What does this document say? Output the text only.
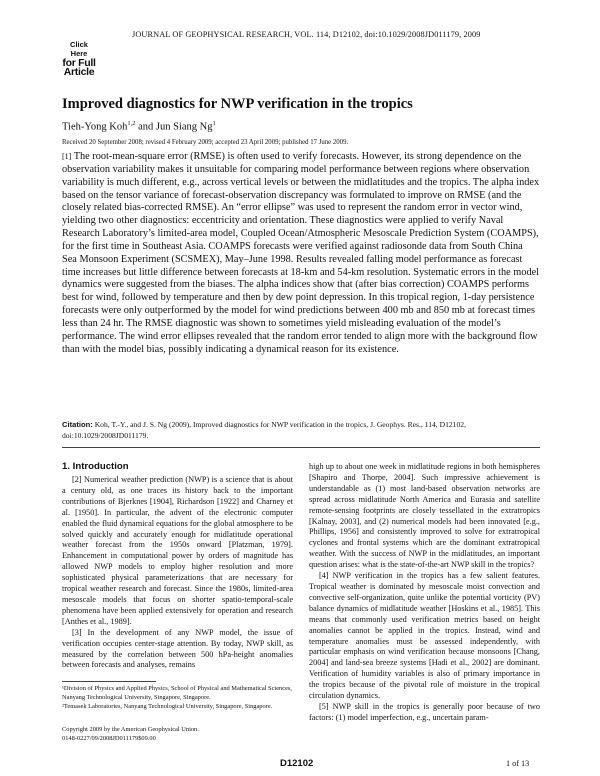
Click Here
for Full Article
JOURNAL OF GEOPHYSICAL RESEARCH, VOL. 114, D12102, doi:10.1029/2008JD011179, 2009
Improved diagnostics for NWP verification in the tropics
Tieh-Yong Koh$^{1,2}$ and Jun Siang Ng$^1$
Received 20 September 2008; revised 4 February 2009; accepted 23 April 2009; published 17 June 2009.
[1] The root-mean-square error (RMSE) is often used to verify forecasts. However, its strong dependence on the observation variability makes it unsuitable for comparing model performance between regions where observation variability is much different, e.g., across vertical levels or between the midlatitudes and the tropics. The alpha index based on the tensor variance of forecast-observation discrepancy was formulated to improve on RMSE (and the closely related bias-corrected RMSE). An “error ellipse” was used to represent the random error in vector wind, yielding two other diagnostics: eccentricity and orientation. These diagnostics were applied to verify Naval Research Laboratory’s limited-area model, Coupled Ocean/Atmospheric Mesoscale Prediction System (COAMPS), for the first time in Southeast Asia. COAMPS forecasts were verified against radiosonde data from South China Sea Monsoon Experiment (SCSMEX), May–June 1998. Results revealed falling model performance as forecast time increases but little difference between forecasts at 18-km and 54-km resolution. Systematic errors in the model dynamics were suggested from the biases. The alpha indices show that (after bias correction) COAMPS performs best for wind, followed by temperature and then by dew point depression. In this tropical region, 1-day persistence forecasts were only outperformed by the model for wind predictions between 400 mb and 850 mb at forecast times less than 24 hr. The RMSE diagnostic was shown to sometimes yield misleading evaluation of the model’s performance. The wind error ellipses revealed that the random error tended to align more with the background flow than with the model bias, possibly indicating a dynamical reason for its existence.
Citation: Koh, T.-Y., and J. S. Ng (2009), Improved diagnostics for NWP verification in the tropics, J. Geophys. Res., 114, D12102, doi:10.1029/2008JD011179.
1. Introduction
[2] Numerical weather prediction (NWP) is a science that is about a century old, as one traces its history back to the important contributions of Bjerknes [1904], Richardson [1922] and Charney et al. [1950]. In particular, the advent of the electronic computer enabled the fluid dynamical equations for the global atmosphere to be solved quickly and accurately enough for midlatitude operational weather forecast from the 1950s onward [Platzman, 1979]. Enhancement in computational power by orders of magnitude has allowed NWP models to employ higher resolution and more sophisticated physical parameterizations that are necessary for tropical weather research and forecast. Since the 1980s, limited-area mesoscale models that focus on shorter spatio-temporal-scale phenomena have been applied extensively for operation and research [Anthes et al., 1989].
[3] In the development of any NWP model, the issue of verification occupies center-stage attention. By today, NWP skill, as measured by the correlation between 500 hPa-height anomalies between forecasts and analyses, remains
high up to about one week in midlatitude regions in both hemispheres [Shapiro and Thorpe, 2004]. Such impressive achievement is understandable as (1) most land-based observation networks are spread across midlatitude North America and Eurasia and satellite remote-sensing footprints are closely tessellated in the extratropics [Kalnay, 2003], and (2) numerical models had been innovated [e.g., Phillips, 1956] and consistently improved to solve for extratropical cyclones and frontal systems which are the dominant extratropical weather. With the success of NWP in the midlatitudes, an important question arises: what is the state-of-the-art NWP skill in the tropics?
[4] NWP verification in the tropics has a few salient features. Tropical weather is dominated by mesoscale moist convection and convective self-organization, quite unlike the potential vorticity (PV) balance dynamics of midlatitude weather [Hoskins et al., 1985]. This means that commonly used verification metrics based on height anomalies cannot be applied in the tropics. Instead, wind and temperature anomalies must be assessed independently, with particular emphasis on wind verification because monsoons [Chang, 2004] and land-sea breeze systems [Hadi et al., 2002] are dominant. Verification of humidity variables is also of primary importance in the tropics because of the pivotal role of moisture in the tropical circulation dynamics.
[5] NWP skill in the tropics is generally poor because of two factors: (1) model imperfection, e.g., uncertain param-
¹Division of Physics and Applied Physics, School of Physical and Mathematical Sciences, Nanyang Technological University, Singapore, Singapore.
²Temasek Laboratories, Nanyang Technological University, Singapore, Singapore.
Copyright 2009 by the American Geophysical Union.
0148-0227/09/2008JD011179$09.00
D12102	1 of 13
